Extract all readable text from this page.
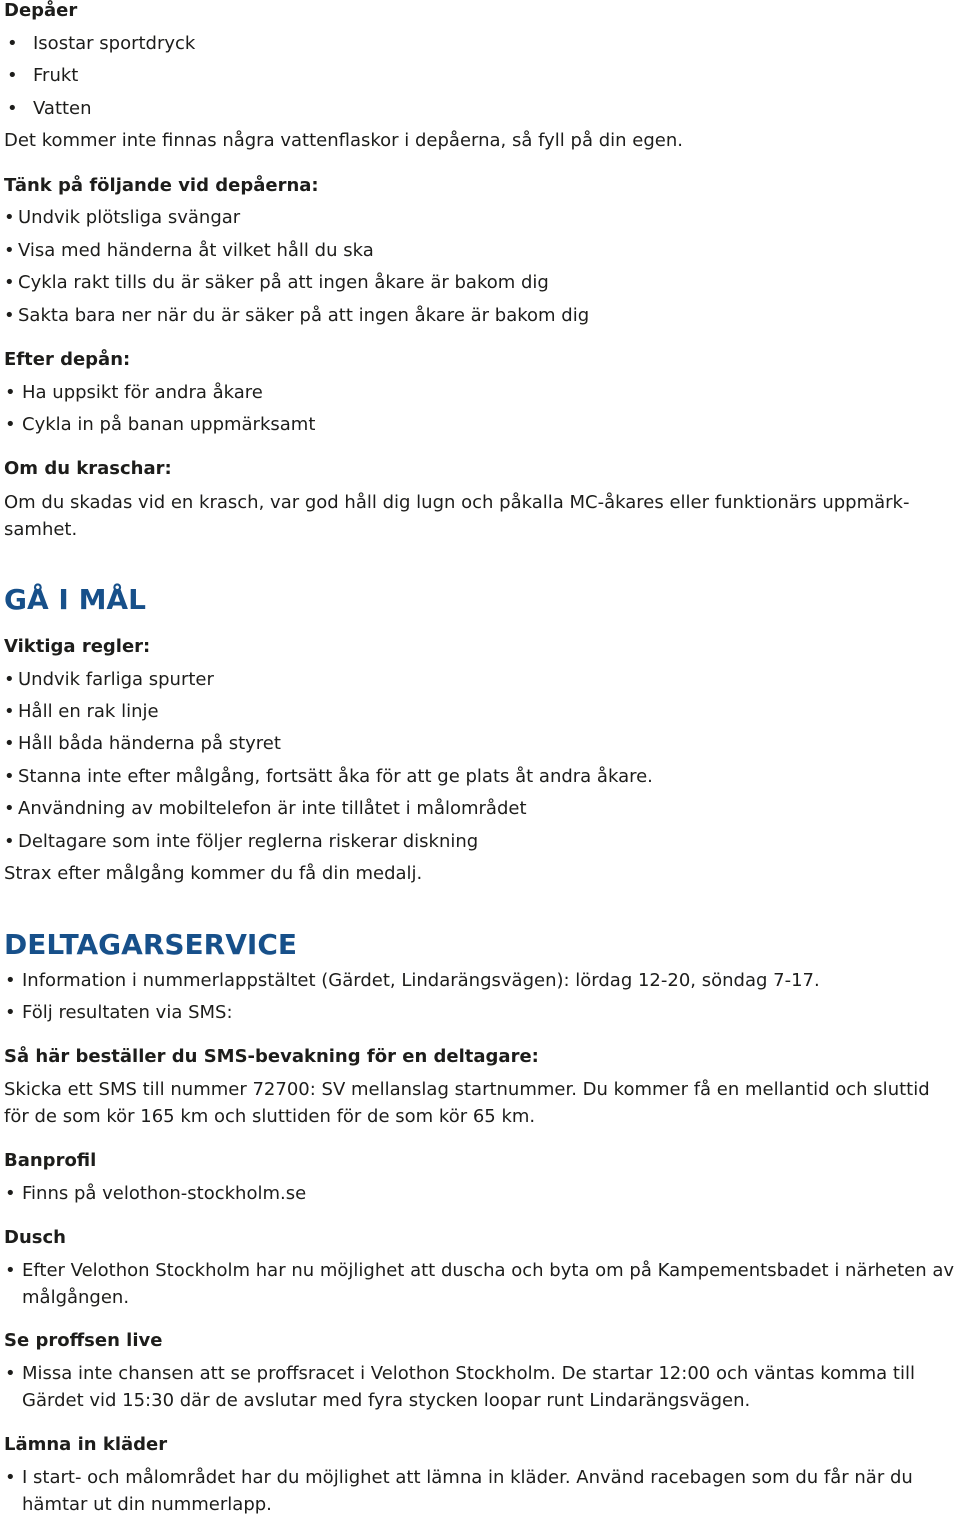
Depåer
• Isostar sportdryck
• Frukt
• Vatten
Det kommer inte finnas några vattenflaskor i depåerna, så fyll på din egen.
Tänk på följande vid depåerna:
• Undvik plötsliga svängar
• Visa med händerna åt vilket håll du ska
• Cykla rakt tills du är säker på att ingen åkare är bakom dig
• Sakta bara ner när du är säker på att ingen åkare är bakom dig
Efter depån:
• Ha uppsikt för andra åkare
• Cykla in på banan uppmärksamt
Om du kraschar:
Om du skadas vid en krasch, var god håll dig lugn och påkalla MC-åkares eller funktionärs uppmärk-samhet.
GÅ I MÅL
Viktiga regler:
• Undvik farliga spurter
• Håll en rak linje
• Håll båda händerna på styret
• Stanna inte efter målgång, fortsätt åka för att ge plats åt andra åkare.
• Användning av mobiltelefon är inte tillåtet i målområdet
• Deltagare som inte följer reglerna riskerar diskning
Strax efter målgång kommer du få din medalj.
DELTAGARSERVICE
• Information i nummerlappstältet (Gärdet, Lindarängsvägen): lördag 12-20, söndag 7-17.
• Följ resultaten via SMS:
Så här beställer du SMS-bevakning för en deltagare:
Skicka ett SMS till nummer 72700: SV mellanslag startnummer. Du kommer få en mellantid och sluttid för de som kör 165 km och sluttiden för de som kör 65 km.
Banprofil
• Finns på velothon-stockholm.se
Dusch
• Efter Velothon Stockholm har nu möjlighet att duscha och byta om på Kampementsbadet i närheten av målgången.
Se proffsen live
• Missa inte chansen att se proffsracet i Velothon Stockholm. De startar 12:00 och väntas komma till Gärdet vid 15:30 där de avslutar med fyra stycken loopar runt Lindarängsvägen.
Lämna in kläder
• I start- och målområdet har du möjlighet att lämna in kläder. Använd racebagen som du får när du hämtar ut din nummerlapp.
